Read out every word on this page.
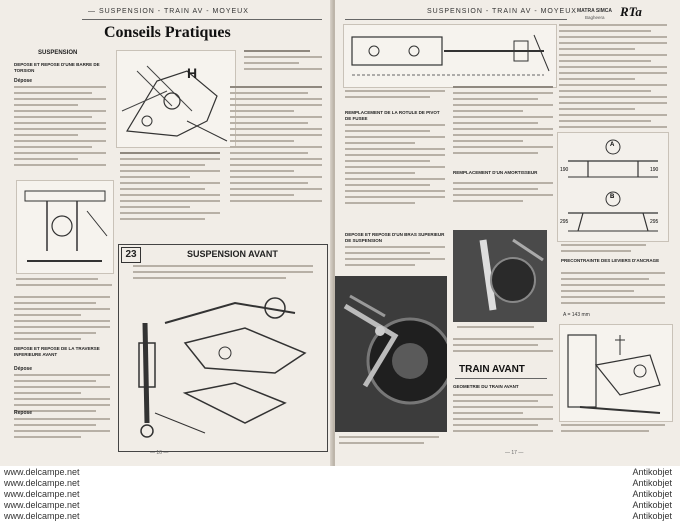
— SUSPENSION - TRAIN AV - MOYEUX
Conseils Pratiques
SUSPENSION
DEPOSE ET REPOSE D'UNE BARRE DE TORSION
Dépose	H
DEPOSE ET REPOSE DE LA TRAVERSE INFERIEURE AVANT
Dépose
Repose
23	SUSPENSION AVANT
— 16 —
SUSPENSION - TRAIN AV - MOYEUX MATRA SIMCA
Bagheera RTa
REMPLACEMENT DE LA ROTULE DE PIVOT DE FUSEE
DEPOSE ET REPOSE D'UN BRAS SUPERIEUR DE SUSPENSION
REMPLACEMENT D'UN AMORTISSEUR
TRAIN AVANT
GEOMETRIE DU TRAIN AVANT
A
B
190	190
295	295
PRECONTRAINTE DES LEVIERS D'ANCRAGE
A = 143 mm
— 17 —
www.delcampe.net
www.delcampe.net
www.delcampe.net
www.delcampe.net
www.delcampe.net
Antikobjet
Antikobjet
Antikobjet
Antikobjet
Antikobjet
